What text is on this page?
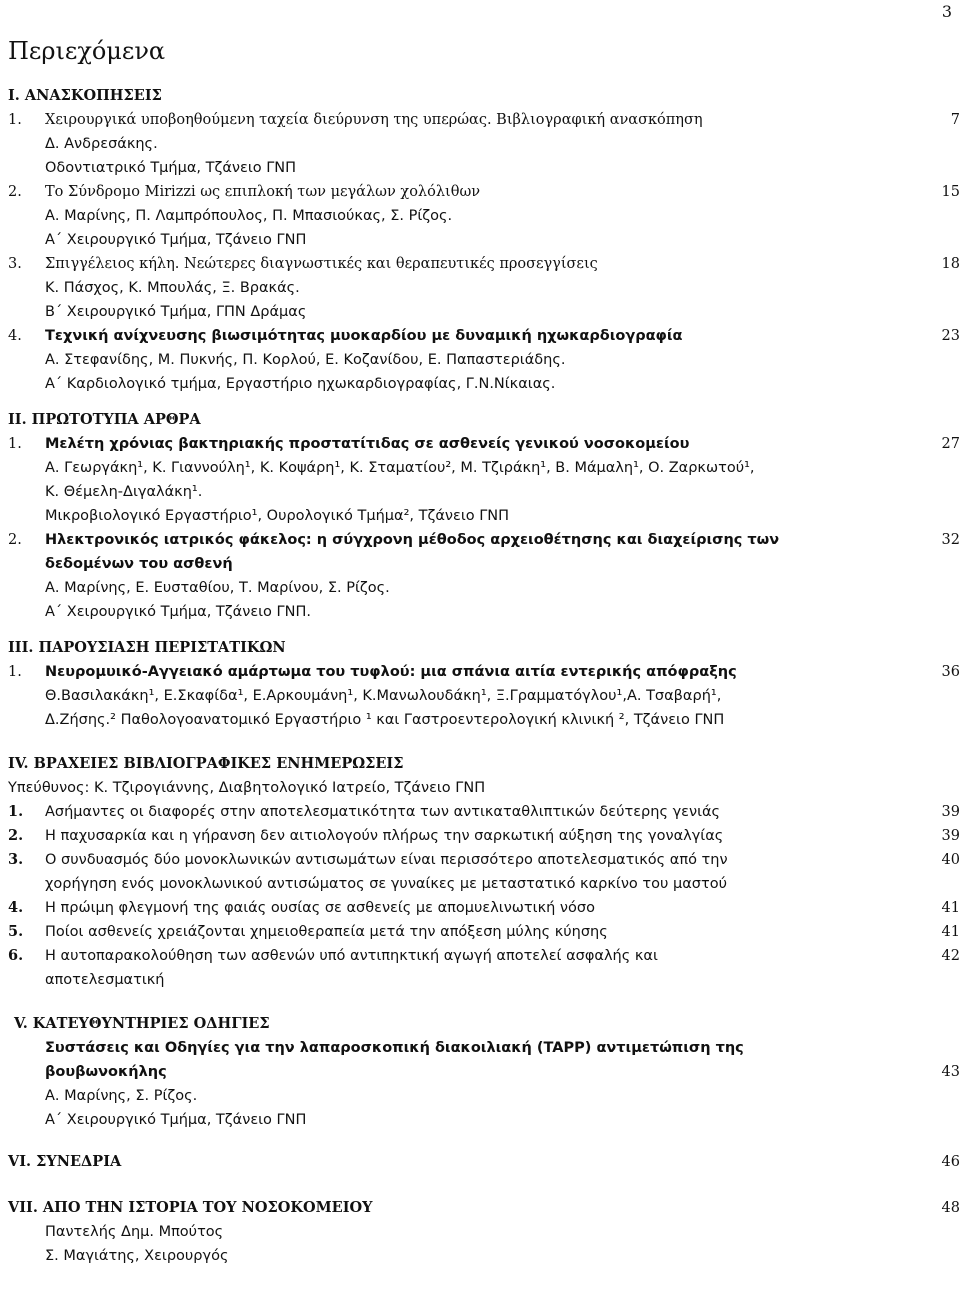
3
Περιεχόμενα
Ι. ΑΝΑΣΚΟΠΗΣΕΙΣ
1.	Χειρουργικά υποβοηθούμενη ταχεία διεύρυνση της υπερώας. Βιβλιογραφική ανασκόπηση	7
Δ. Ανδρεσάκης.
Οδοντιατρικό Τμήμα, Τζάνειο ΓΝΠ
2.	Το Σύνδρομο Mirizzi ως επιπλοκή των μεγάλων χολόλιθων	15
Α. Μαρίνης, Π. Λαμπρόπουλος, Π. Μπασιούκας, Σ. Ρίζος.
Α΄ Χειρουργικό Τμήμα, Τζάνειο ΓΝΠ
3.	Σπιγγέλειος κήλη. Νεώτερες διαγνωστικές και θεραπευτικές προσεγγίσεις	18
Κ. Πάσχος, Κ. Μπουλάς, Ξ. Βρακάς.
Β΄ Χειρουργικό Τμήμα, ΓΠΝ Δράμας
4.	Τεχνική ανίχνευσης βιωσιμότητας μυοκαρδίου με δυναμική ηχωκαρδιογραφία	23
Α. Στεφανίδης, Μ. Πυκνής, Π. Κορλού, Ε. Κοζανίδου, Ε. Παπαστεριάδης.
Α΄ Καρδιολογικό τμήμα, Εργαστήριο ηχωκαρδιογραφίας, Γ.Ν.Νίκαιας.
ΙΙ. ΠΡΩΤΟΤΥΠΑ ΑΡΘΡΑ
1.	Μελέτη χρόνιας βακτηριακής προστατίτιδας σε ασθενείς γενικού νοσοκομείου	27
Α. Γεωργάκη¹, Κ. Γιαννούλη¹, Κ. Κοψάρη¹, Κ. Σταματίου², Μ. Τζιράκη¹, Β. Μάμαλη¹, Ο. Ζαρκωτού¹,
Κ. Θέμελη-Διγαλάκη¹.
Μικροβιολογικό Εργαστήριο¹, Ουρολογικό Τμήμα², Τζάνειο ΓΝΠ
2.	Ηλεκτρονικός ιατρικός φάκελος: η σύγχρονη μέθοδος αρχειοθέτησης και διαχείρισης των	32
δεδομένων του ασθενή
Α. Μαρίνης, Ε. Ευσταθίου, Τ. Μαρίνου, Σ. Ρίζος.
Α΄ Χειρουργικό Τμήμα, Τζάνειο ΓΝΠ.
ΙΙΙ. ΠΑΡΟΥΣΙΑΣΗ ΠΕΡΙΣΤΑΤΙΚΩΝ
1.	Νευρομυικό-Αγγειακό αμάρτωμα του τυφλού: μια σπάνια αιτία εντερικής απόφραξης	36
Θ.Βασιλακάκη¹, Ε.Σκαφίδα¹, Ε.Αρκουμάνη¹, Κ.Μανωλουδάκη¹, Ξ.Γραμματόγλου¹,Α. Τσαβαρή¹,
Δ.Ζήσης.² Παθολογοανατομικό Εργαστήριο ¹ και Γαστροεντερολογική κλινική ², Τζάνειο ΓΝΠ
IV. ΒΡΑΧΕΙΕΣ ΒΙΒΛΙΟΓΡΑΦΙΚΕΣ ΕΝΗΜΕΡΩΣΕΙΣ
Υπεύθυνος: Κ. Τζιρογιάννης, Διαβητολογικό Ιατρείο, Τζάνειο ΓΝΠ
1.	Ασήμαντες οι διαφορές στην αποτελεσματικότητα των αντικαταθλιπτικών δεύτερης γενιάς	39
2.	Η παχυσαρκία και η γήρανση δεν αιτιολογούν πλήρως την σαρκωτική αύξηση της γοναλγίας	39
3.	Ο συνδυασμός δύο μονοκλωνικών αντισωμάτων είναι περισσότερο αποτελεσματικός από την	40
χορήγηση ενός μονοκλωνικού αντισώματος σε γυναίκες με μεταστατικό καρκίνο του μαστού
4.	Η πρώιμη φλεγμονή της φαιάς ουσίας σε ασθενείς με απομυελινωτική νόσο	41
5.	Ποίοι ασθενείς χρειάζονται χημειοθεραπεία μετά την απόξεση μύλης κύησης	41
6.	Η αυτοπαρακολούθηση των ασθενών υπό αντιπηκτική αγωγή αποτελεί ασφαλής και	42
αποτελεσματική
V. ΚΑΤΕΥΘΥΝΤΗΡΙΕΣ ΟΔΗΓΙΕΣ
Συστάσεις και Οδηγίες για την λαπαροσκοπική διακοιλιακή (TAPP) αντιμετώπιση της
βουβωνοκήλης	43
Α. Μαρίνης, Σ. Ρίζος.
Α΄ Χειρουργικό Τμήμα, Τζάνειο ΓΝΠ
VI. ΣΥΝΕΔΡΙΑ	46
VII. ΑΠΟ ΤΗΝ ΙΣΤΟΡΙΑ ΤΟΥ ΝΟΣΟΚΟΜΕΙΟΥ	48
Παντελής Δημ. Μπούτος
Σ. Μαγιάτης, Χειρουργός
